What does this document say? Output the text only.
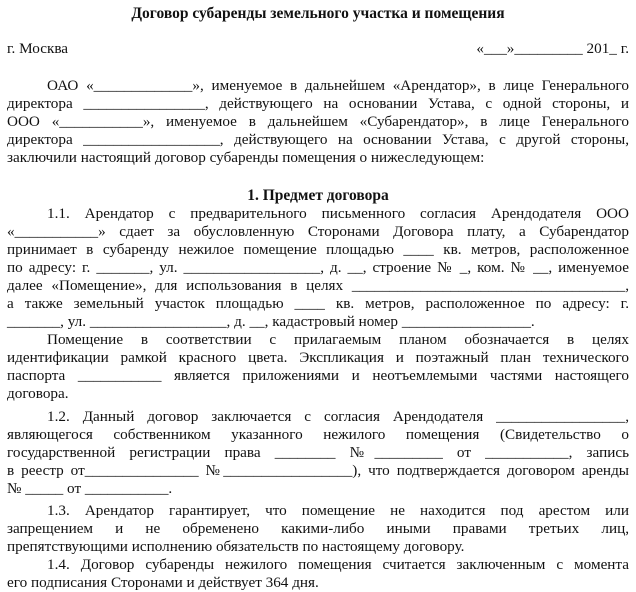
Договор субаренды земельного участка и помещения
г. Москва	«___»_________ 201_ г.
ОАО «_____________», именуемое в дальнейшем «Арендатор», в лице Генерального
директора ________________, действующего на основании Устава, с одной стороны, и
ООО «___________», именуемое в дальнейшем «Субарендатор», в лице Генерального
директора __________________, действующего на основании Устава, с другой стороны,
заключили настоящий договор субаренды помещения о нижеследующем:
1. Предмет договора
1.1. Арендатор с предварительного письменного согласия Арендодателя ООО
«___________» сдает за обусловленную Сторонами Договора плату, а Субарендатор
принимает в субаренду нежилое помещение площадью ____ кв. метров, расположенное
по адресу: г. _______, ул. __________________, д. __, строение № _, ком. № __, именуемое
далее «Помещение», для использования в целях ____________________________________,
а также земельный участок площадью ____ кв. метров, расположенное по адресу: г.
_______, ул. __________________, д. __, кадастровый номер _________________.
Помещение в соответствии с прилагаемым планом обозначается в целях
идентификации рамкой красного цвета. Экспликация и поэтажный план технического
паспорта ___________ является приложениями и неотъемлемыми частями настоящего
договора.
1.2. Данный договор заключается с согласия Арендодателя _________________,
являющегося собственником указанного нежилого помещения (Свидетельство о
государственной регистрации права ________ №_________ от ___________, запись
в реестр от_______________ №_________________), что подтверждается договором аренды
№ _____ от ___________.
1.3. Арендатор гарантирует, что помещение не находится под арестом или
запрещением и не обременено какими-либо иными правами третьих лиц,
препятствующими исполнению обязательств по настоящему договору.
1.4. Договор субаренды нежилого помещения считается заключенным с момента
его подписания Сторонами и действует 364 дня.
